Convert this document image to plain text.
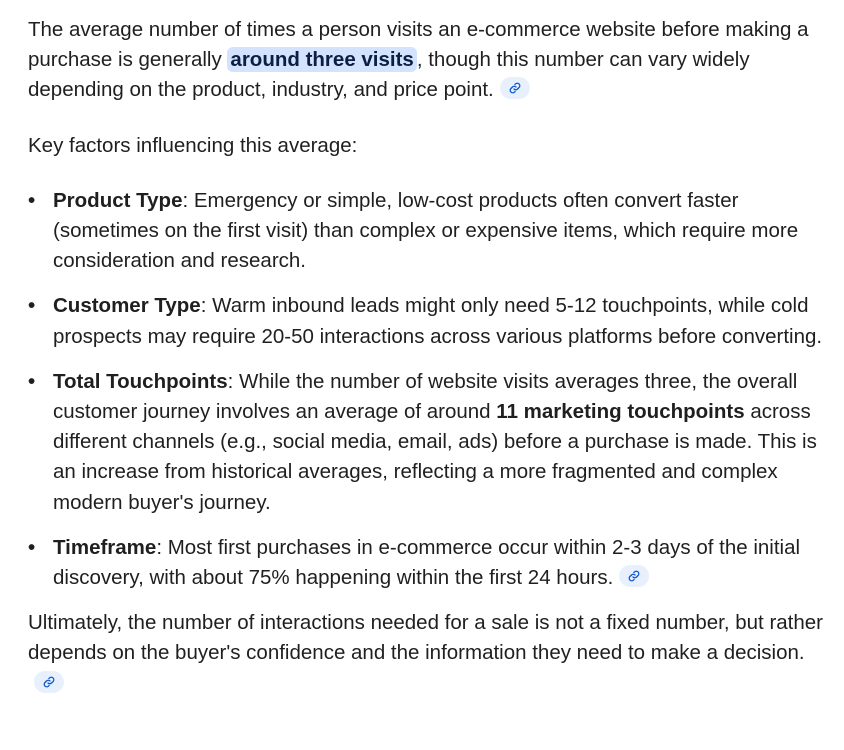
The average number of times a person visits an e-commerce website before making a purchase is generally around three visits , though this number can vary widely depending on the product, industry, and price point.

Key factors influencing this average:

• Product Type: Emergency or simple, low-cost products often convert faster (sometimes on the first visit) than complex or expensive items, which require more consideration and research.
• Customer Type: Warm inbound leads might only need 5-12 touchpoints, while cold prospects may require 20-50 interactions across various platforms before converting.
• Total Touchpoints: While the number of website visits averages three, the overall customer journey involves an average of around 11 marketing touchpoints across different channels (e.g., social media, email, ads) before a purchase is made. This is an increase from historical averages, reflecting a more fragmented and complex modern buyer's journey.
• Timeframe: Most first purchases in e-commerce occur within 2-3 days of the initial discovery, with about 75% happening within the first 24 hours.

Ultimately, the number of interactions needed for a sale is not a fixed number, but rather depends on the buyer's confidence and the information they need to make a decision.
